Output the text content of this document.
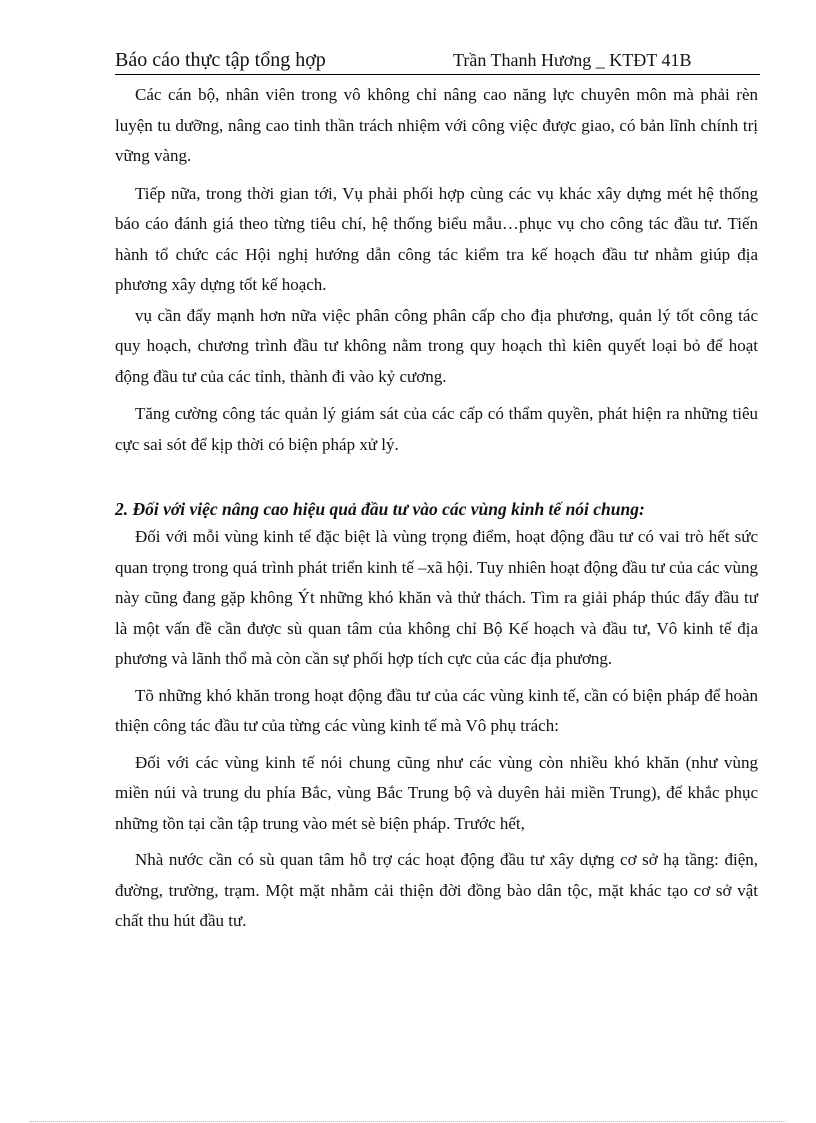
Báo cáo thực tập tổng hợp	Trần Thanh Hương _ KTĐT 41B

Các cán bộ, nhân viên trong vô không chỉ nâng cao năng lực chuyên môn mà phải rèn luyện tu dưỡng, nâng cao tinh thần trách nhiệm với công việc được giao, có bản lĩnh chính trị vững vàng.

Tiếp nữa, trong thời gian tới, Vụ phải phối hợp cùng các vụ khác xây dựng mét hệ thống báo cáo đánh giá theo từng tiêu chí, hệ thống biểu mẫu…phục vụ cho công tác đầu tư. Tiến hành tổ chức các Hội nghị hướng dẫn công tác kiểm tra kế hoạch đầu tư nhằm giúp địa phương xây dựng tốt kế hoạch.

vụ cần đẩy mạnh hơn nữa việc phân công phân cấp cho địa phương, quản lý tốt công tác quy hoạch, chương trình đầu tư không nằm trong quy hoạch thì kiên quyết loại bỏ để hoạt động đầu tư của các tỉnh, thành đi vào kỷ cương.

Tăng cường công tác quản lý giám sát của các cấp có thẩm quyền, phát hiện ra những tiêu cực sai sót để kịp thời có biện pháp xử lý.

2. Đối với việc nâng cao hiệu quả đầu tư vào các vùng kinh tế nói chung:

Đối với mỗi vùng kinh tế đặc biệt là vùng trọng điểm, hoạt động đầu tư có vai trò hết sức quan trọng trong quá trình phát triển kinh tế –xã hội. Tuy nhiên hoạt động đầu tư của các vùng này cũng đang gặp không Ýt những khó khăn và thử thách. Tìm ra giải pháp thúc đẩy đầu tư là một vấn đề cần được sù quan tâm của không chỉ Bộ Kế hoạch và đầu tư, Vô kinh tế địa phương và lãnh thổ mà còn cần sự phối hợp tích cực của các địa phương.

Tõ những khó khăn trong hoạt động đầu tư của các vùng kinh tế, cần có biện pháp để hoàn thiện công tác đầu tư của từng các vùng kinh tế mà Vô phụ trách:

Đối với các vùng kinh tế nói chung cũng như các vùng còn nhiều khó khăn (như vùng miền núi và trung du phía Bắc, vùng Bắc Trung bộ và duyên hải miền Trung), để khắc phục những tồn tại cần tập trung vào mét sè biện pháp. Trước hết,

Nhà nước cần có sù quan tâm hỗ trợ các hoạt động đầu tư xây dựng cơ sở hạ tầng: điện, đường, trường, trạm. Một mặt nhằm cải thiện đời đồng bào dân tộc, mặt khác tạo cơ sở vật chất thu hút đầu tư.
